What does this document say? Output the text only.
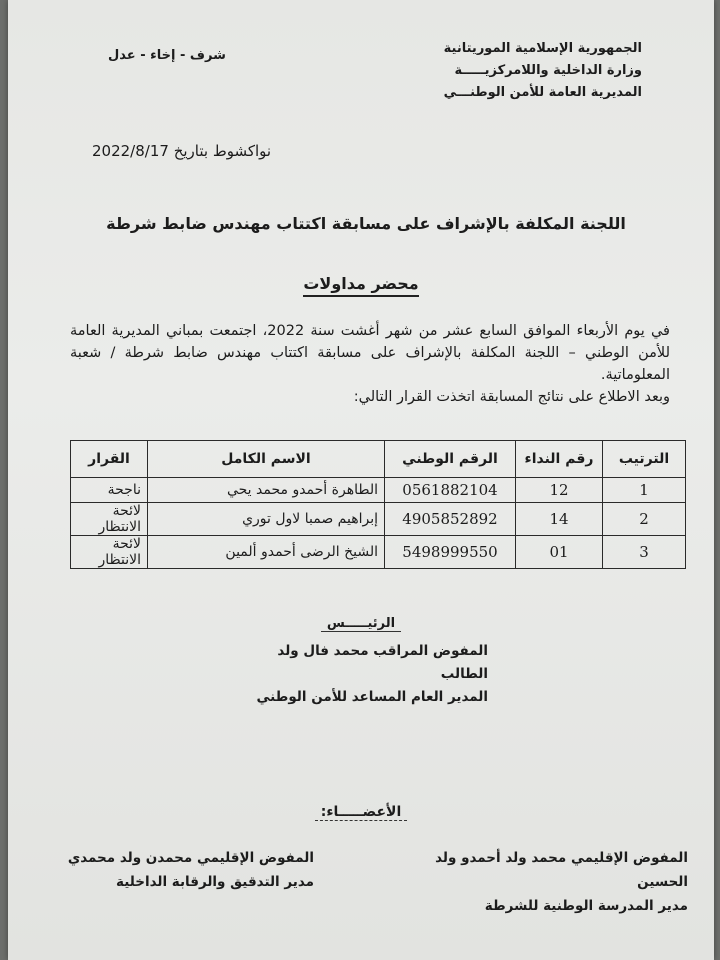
الجمهورية الإسلامية الموريتانية
وزارة الداخلية واللامركزيـــــة
المديرية العامة للأمن الوطنـــي
شرف - إخاء - عدل
نواكشوط بتاريخ 2022/8/17
اللجنة المكلفة بالإشراف على مسابقة اكتتاب مهندس ضابط شرطة
محضر مداولات

في يوم الأربعاء الموافق السابع عشر من شهر أغشت سنة 2022، اجتمعت بمباني المديرية العامة للأمن الوطني – اللجنة المكلفة بالإشراف على مسابقة اكتتاب مهندس ضابط شرطة / شعبة المعلوماتية.

وبعد الاطلاع على نتائج المسابقة اتخذت القرار التالي:

الترتيب	رقم النداء	الرقم الوطني	الاسم الكامل	القرار
1	12	0561882104	الطاهرة أحمدو محمد يحي	ناجحة
2	14	4905852892	إبراهيم صمبا لاول توري	لائحة الانتظار
3	01	5498999550	الشيخ الرضى أحمدو ألمين	لائحة الانتظار
الرئيـــــس
المفوض المراقب محمد فال ولد الطالب
المدير العام المساعد للأمن الوطني
الأعضـــــاء:
المفوض الإقليمي محمد ولد أحمدو ولد الحسين
مدير المدرسة الوطنية للشرطة
المفوض الإقليمي محمدن ولد محمدي
مدير التدقيق والرقابة الداخلية
